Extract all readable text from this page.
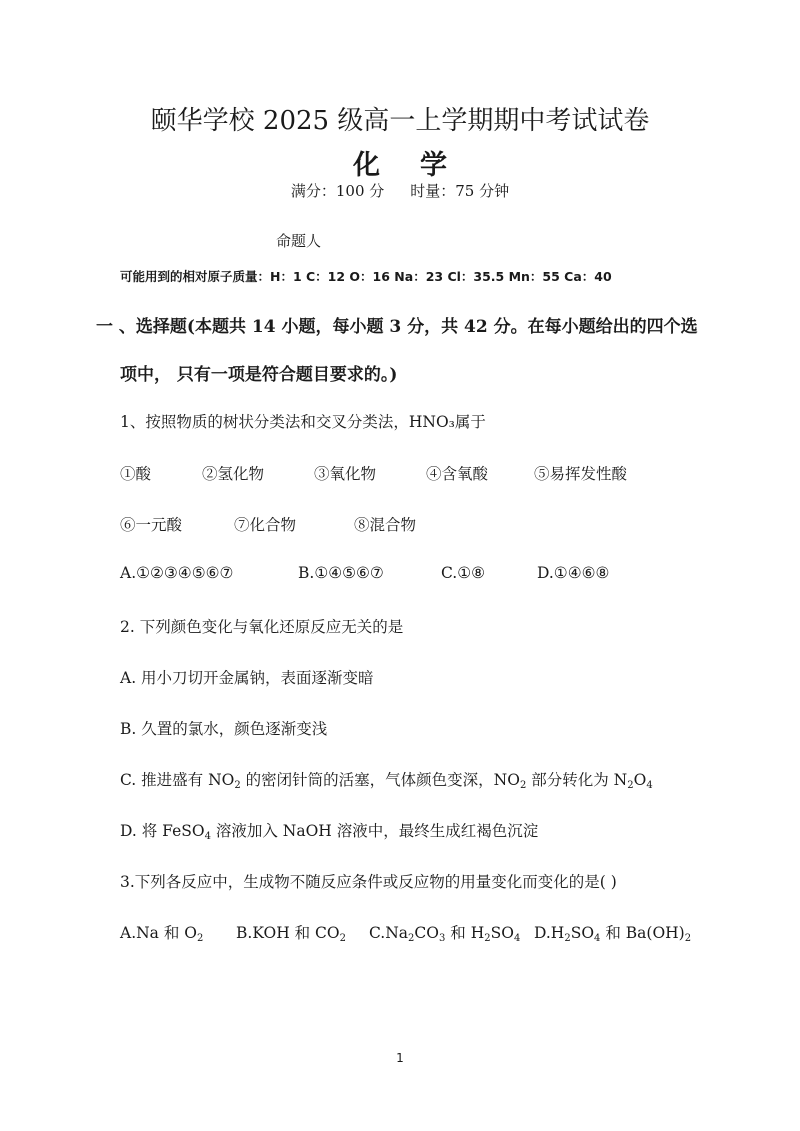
颐华学校 2025 级高一上学期期中考试试卷
化学
满分：100 分 时量：75 分钟
命题人
可能用到的相对原子质量：H：1 C：12 O：16 Na：23 Cl：35.5 Mn：55 Ca：40
一 、选择题(本题共 14 小题，每小题 3 分，共 42 分。在每小题给出的四个选
项中， 只有一项是符合题目要求的。)
1、按照物质的树状分类法和交叉分类法，HNO₃属于
①酸	②氢化物	③氧化物	④含氧酸	⑤易挥发性酸
⑥一元酸	⑦化合物	⑧混合物
A.①②③④⑤⑥⑦	B.①④⑤⑥⑦	C.①⑧	D.①④⑥⑧
2. 下列颜色变化与氧化还原反应无关的是
A. 用小刀切开金属钠，表面逐渐变暗
B. 久置的氯水，颜色逐渐变浅
C. 推进盛有 $NO_2$ 的密闭针筒的活塞，气体颜色变深，$NO_2$ 部分转化为 $N_2O_4$
D. 将 FeSO$_4$ 溶液加入 NaOH 溶液中，最终生成红褐色沉淀
3.下列各反应中，生成物不随反应条件或反应物的用量变化而变化的是( )
A.Na 和 $O_2$ B.KOH 和 $CO_2$ $C.Na_2CO_3$ 和 $H_2SO_4$ $D.H_2SO_4$ 和 $Ba(OH)_2$
1
